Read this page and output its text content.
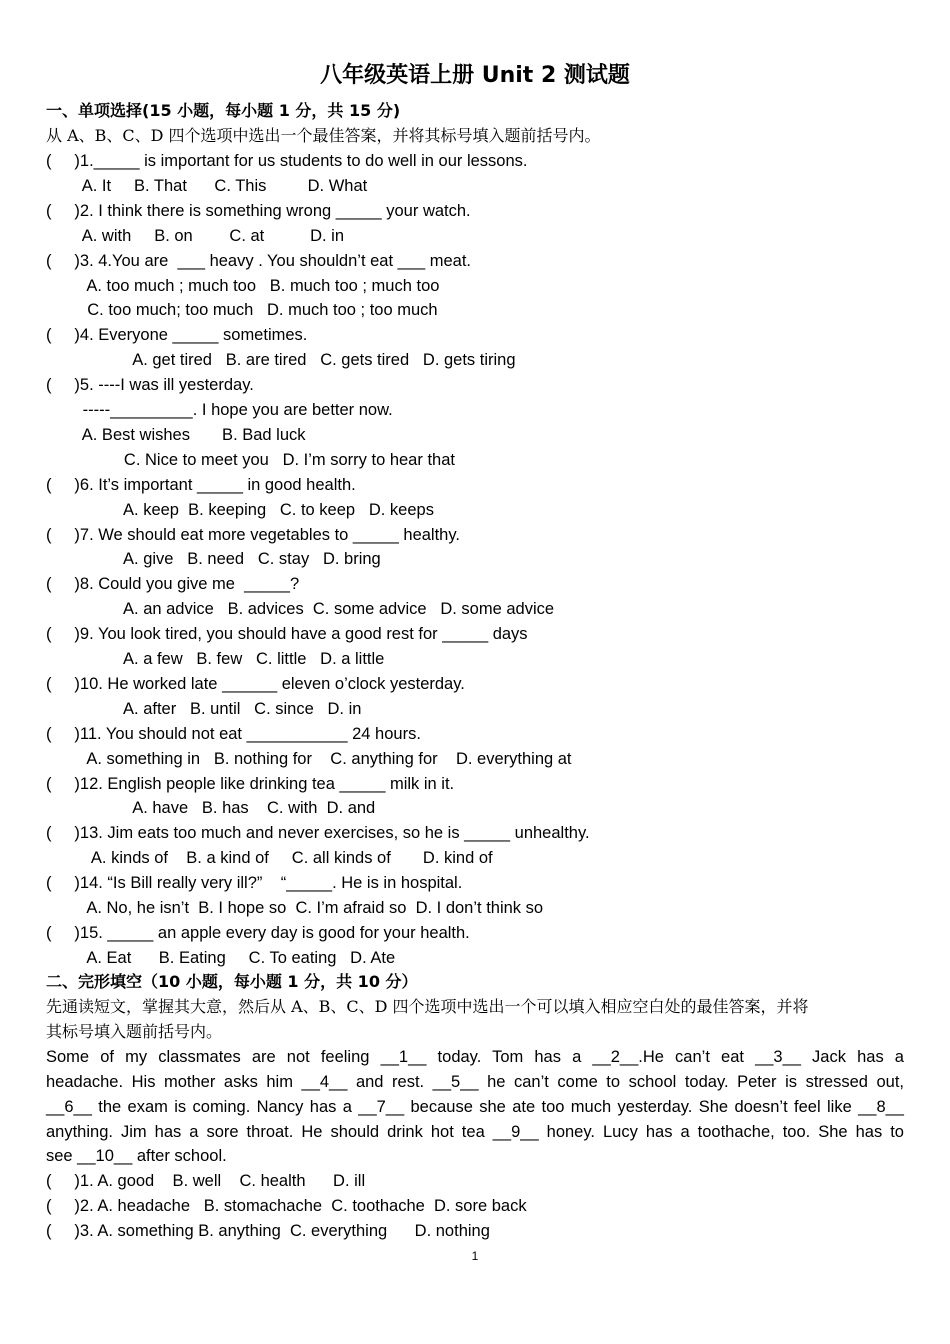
八年级英语上册 Unit 2 测试题
一、单项选择(15 小题，每小题 1 分，共 15 分)
从 A、B、C、D 四个选项中选出一个最佳答案，并将其标号填入题前括号内。
(     )1._____ is important for us students to do well in our lessons.
A. It     B. That      C. This         D. What
(     )2. I think there is something wrong _____ your watch.
A. with     B. on        C. at          D. in
(     )3. 4.You are  ___ heavy . You shouldn’t eat ___ meat.
A. too much ; much too   B. much too ; much too
C. too much; too much   D. much too ; too much
(     )4. Everyone _____ sometimes.
A. get tired   B. are tired   C. gets tired   D. gets tiring
(     )5. ----I was ill yesterday.
-----_________. I hope you are better now.
A. Best wishes       B. Bad luck
C. Nice to meet you   D. I’m sorry to hear that
(     )6. It’s important _____ in good health.
A. keep  B. keeping   C. to keep   D. keeps
(     )7. We should eat more vegetables to _____ healthy.
A. give   B. need   C. stay   D. bring
(     )8. Could you give me  _____?
A. an advice   B. advices  C. some advice   D. some advice
(     )9. You look tired, you should have a good rest for _____ days
A. a few   B. few   C. little   D. a little
(     )10. He worked late ______ eleven o’clock yesterday.
A. after   B. until   C. since   D. in
(     )11. You should not eat ___________ 24 hours.
A. something in   B. nothing for    C. anything for    D. everything at
(     )12. English people like drinking tea _____ milk in it.
A. have   B. has    C. with  D. and
(     )13. Jim eats too much and never exercises, so he is _____ unhealthy.
A. kinds of    B. a kind of     C. all kinds of       D. kind of
(     )14. “Is Bill really very ill?”    “_____. He is in hospital.
A. No, he isn’t  B. I hope so  C. I’m afraid so  D. I don’t think so
(     )15. _____ an apple every day is good for your health.
A. Eat      B. Eating     C. To eating   D. Ate
二、完形填空（10 小题，每小题 1 分，共 10 分）
先通读短文，掌握其大意，然后从 A、B、C、D 四个选项中选出一个可以填入相应空白处的最佳答案，并将
其标号填入题前括号内。
Some of my classmates are not feeling __1__ today. Tom has a __2__.He can’t eat __3__ Jack has a
headache. His mother asks him __4__ and rest. __5__ he can’t come to school today. Peter is stressed out,
__6__ the exam is coming. Nancy has a __7__ because she ate too much yesterday. She doesn’t feel like __8__
anything. Jim has a sore throat. He should drink hot tea __9__ honey. Lucy has a toothache, too. She has to
see __10__ after school.
(     )1. A. good    B. well    C. health      D. ill
(     )2. A. headache   B. stomachache  C. toothache  D. sore back
(     )3. A. something B. anything  C. everything      D. nothing
1
